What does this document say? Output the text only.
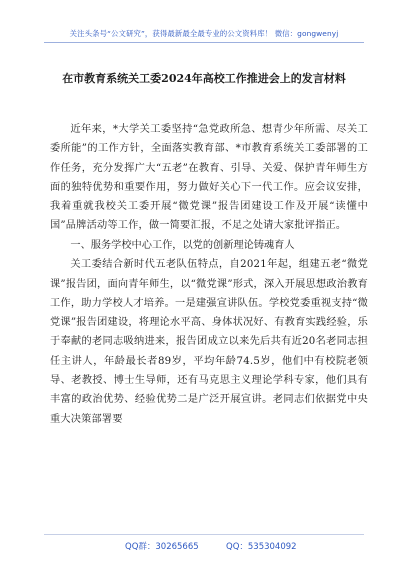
关注头条号“公文研究”，获得最新最全最专业的公文资料库！ 微信：gongwenyj
在市教育系统关工委2024年高校工作推进会上的发言材料

近年来，*大学关工委坚持“急党政所急、想青少年所需、尽关工委所能”的工作方针，全面落实教育部、*市教育系统关工委部署的工作任务，充分发挥广大“五老”在教育、引导、关爱、保护青年师生方面的独特优势和重要作用，努力做好关心下一代工作。应会议安排，我着重就我校关工委开展“微党课”报告团建设工作及开展“读懂中国”品牌活动等工作，做一简要汇报，不足之处请大家批评指正。

一、服务学校中心工作，以党的创新理论铸魂育人

关工委结合新时代五老队伍特点，自2021年起，组建五老“微党课”报告团，面向青年师生，以“微党课”形式，深入开展思想政治教育工作，助力学校人才培养。一是建强宣讲队伍。学校党委重视支持“微党课”报告团建设，将理论水平高、身体状况好、有教育实践经验，乐于奉献的老同志吸纳进来，报告团成立以来先后共有近20名老同志担任主讲人，年龄最长者89岁，平均年龄74.5岁，他们中有校院老领导、老教授、博士生导师，还有马克思主义理论学科专家，他们具有丰富的政治优势、经验优势二是广泛开展宣讲。老同志们依据党中央重大决策部署要

QQ群：30265665	QQ：535304092
